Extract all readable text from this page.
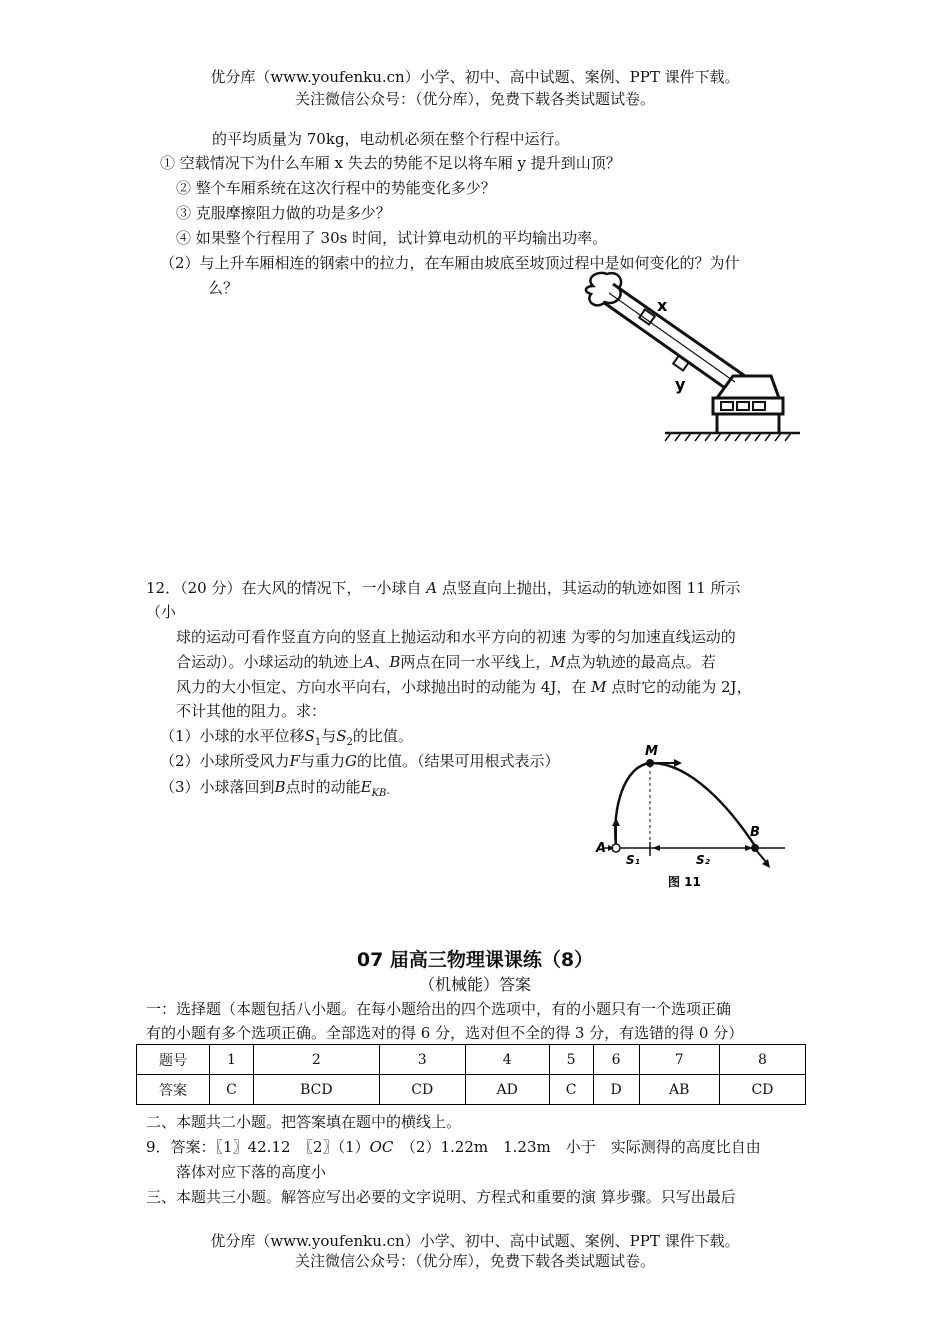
优分库（www.youfenku.cn）小学、初中、高中试题、案例、PPT 课件下载。
关注微信公众号：（优分库），免费下载各类试题试卷。
的平均质量为 70kg，电动机必须在整个行程中运行。
① 空载情况下为什么车厢 x 失去的势能不足以将车厢 y 提升到山顶？
② 整个车厢系统在这次行程中的势能变化多少？
③ 克服摩擦阻力做的功是多少？
④ 如果整个行程用了 30s 时间，试计算电动机的平均输出功率。
（2）与上升车厢相连的钢索中的拉力，在车厢由坡底至坡顶过程中是如何变化的？为什
么？
x
y
12．（20 分）在大风的情况下，一小球自 A 点竖直向上抛出，其运动的轨迹如图 11 所示
（小
球的运动可看作竖直方向的竖直上抛运动和水平方向的初速 为零的匀加速直线运动的
合运动）。小球运动的轨迹上A、B两点在同一水平线上，M点为轨迹的最高点。若
风力的大小恒定、方向水平向右，小球抛出时的动能为 4J，在 M 点时它的动能为 2J，
不计其他的阻力。求：
（1）小球的水平位移$S_1$与$S_2$的比值。
（2）小球所受风力F与重力G的比值。（结果可用根式表示）
（3）小球落回到B点时的动能$E_{KB-}$
M
A
B
S₁	S₂
图 11
07 届高三物理课课练（8）
（机械能）答案
一：选择题（本题包括八小题。在每小题给出的四个选项中，有的小题只有一个选项正确
有的小题有多个选项正确。全部选对的得 6 分，选对但不全的得 3 分，有选错的得 0 分）
题号	1	2	3	4	5	6	7	8
答案	C	BCD	CD	AD	C	D	AB	CD
二、本题共二小题。把答案填在题中的横线上。
9．答案：〖1〗42.12　〖2〗（1）OC　 （2）1.22m　1.23m　小于　实际测得的高度比自由
落体对应下落的高度小
三、本题共三小题。解答应写出必要的文字说明、方程式和重要的演 算步骤。只写出最后
优分库（www.youfenku.cn）小学、初中、高中试题、案例、PPT 课件下载。
关注微信公众号：（优分库），免费下载各类试题试卷。
